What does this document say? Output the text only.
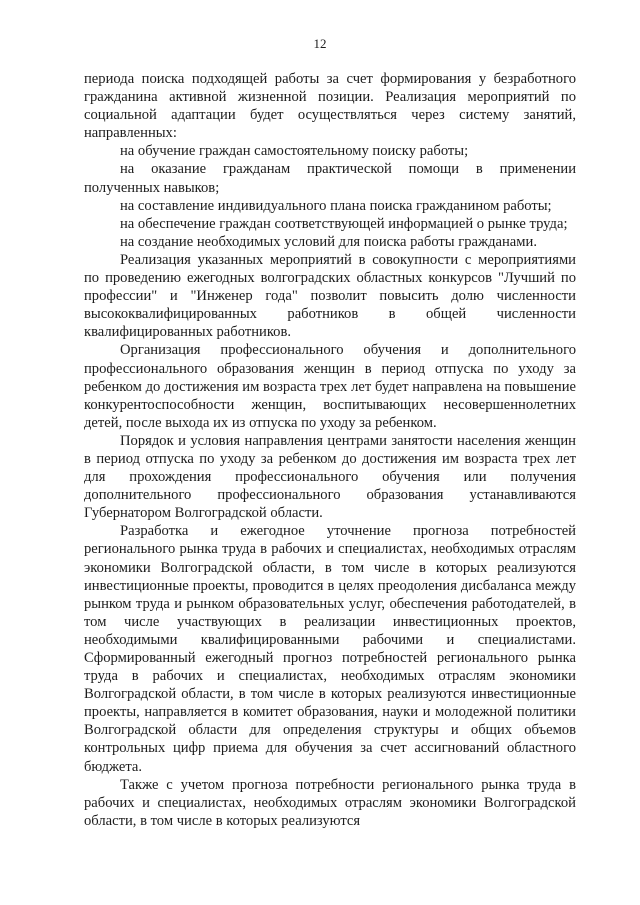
12

периода поиска подходящей работы за счет формирования у безработного гражданина активной жизненной позиции. Реализация мероприятий по социальной адаптации будет осуществляться через систему занятий, направленных:

на обучение граждан самостоятельному поиску работы;

на оказание гражданам практической помощи в применении полученных навыков;

на составление индивидуального плана поиска гражданином работы;

на обеспечение граждан соответствующей информацией о рынке труда;

на создание необходимых условий для поиска работы гражданами.

Реализация указанных мероприятий в совокупности с мероприятиями по проведению ежегодных волгоградских областных конкурсов "Лучший по профессии" и "Инженер года" позволит повысить долю численности высококвалифицированных работников в общей численности квалифицированных работников.

Организация профессионального обучения и дополнительного профессионального образования женщин в период отпуска по уходу за ребенком до достижения им возраста трех лет будет направлена на повышение конкурентоспособности женщин, воспитывающих несовершеннолетних детей, после выхода их из отпуска по уходу за ребенком.

Порядок и условия направления центрами занятости населения женщин в период отпуска по уходу за ребенком до достижения им возраста трех лет для прохождения профессионального обучения или получения дополнительного профессионального образования устанавливаются Губернатором Волгоградской области.

Разработка и ежегодное уточнение прогноза потребностей регионального рынка труда в рабочих и специалистах, необходимых отраслям экономики Волгоградской области, в том числе в которых реализуются инвестиционные проекты, проводится в целях преодоления дисбаланса между рынком труда и рынком образовательных услуг, обеспечения работодателей, в том числе участвующих в реализации инвестиционных проектов, необходимыми квалифицированными рабочими и специалистами. Сформированный ежегодный прогноз потребностей регионального рынка труда в рабочих и специалистах, необходимых отраслям экономики Волгоградской области, в том числе в которых реализуются инвестиционные проекты, направляется в комитет образования, науки и молодежной политики Волгоградской области для определения структуры и общих объемов контрольных цифр приема для обучения за счет ассигнований областного бюджета.

Также с учетом прогноза потребности регионального рынка труда в рабочих и специалистах, необходимых отраслям экономики Волгоградской области, в том числе в которых реализуются
